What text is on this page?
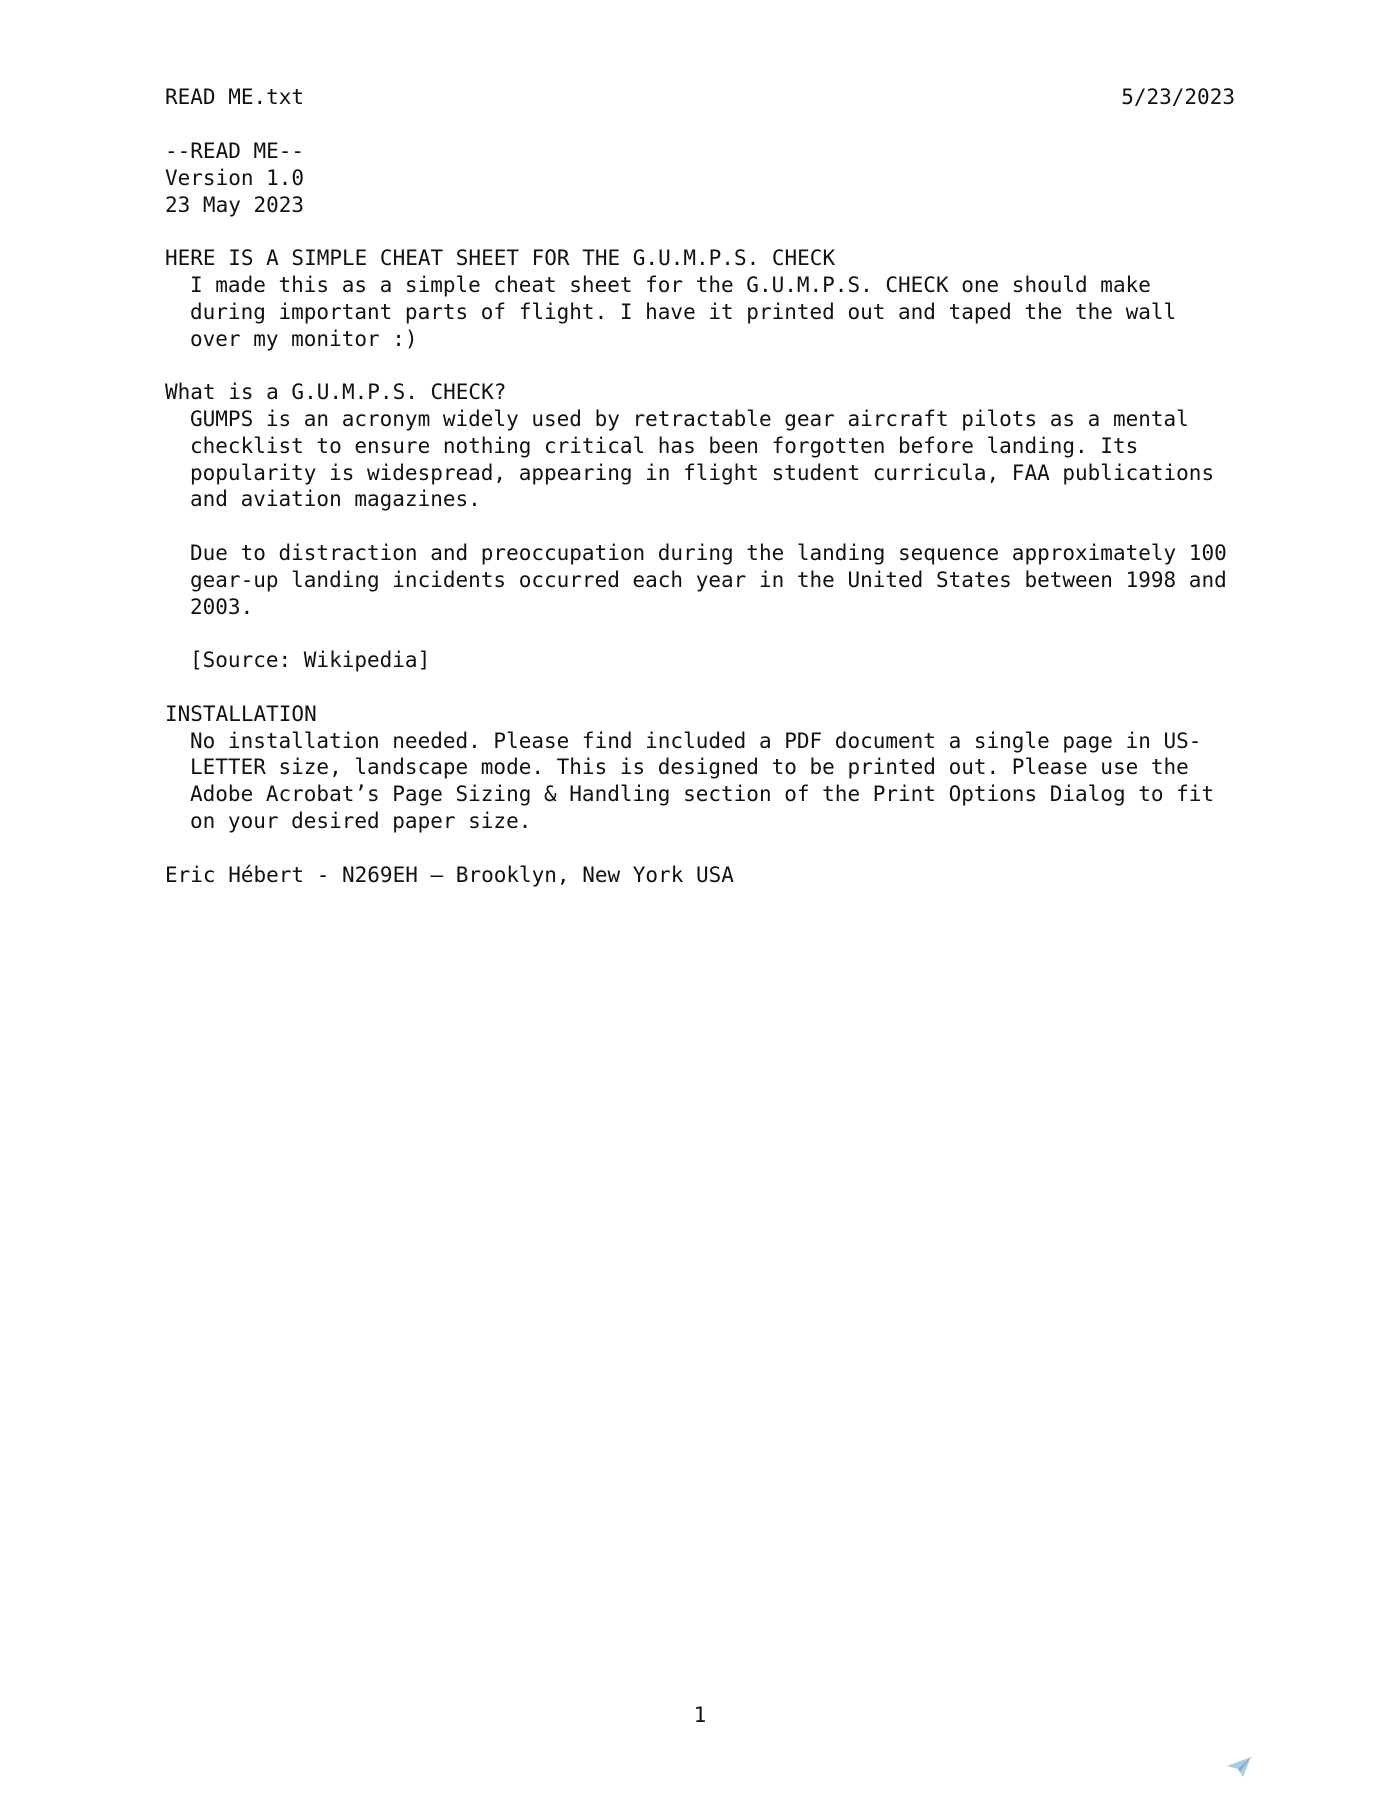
READ ME.txt	5/23/2023
--READ ME--
Version 1.0
23 May 2023
HERE IS A SIMPLE CHEAT SHEET FOR THE G.U.M.P.S. CHECK
I made this as a simple cheat sheet for the G.U.M.P.S. CHECK one should make
during important parts of flight. I have it printed out and taped the the wall
over my monitor :)
What is a G.U.M.P.S. CHECK?
GUMPS is an acronym widely used by retractable gear aircraft pilots as a mental
checklist to ensure nothing critical has been forgotten before landing. Its
popularity is widespread, appearing in flight student curricula, FAA publications
and aviation magazines.
Due to distraction and preoccupation during the landing sequence approximately 100
gear-up landing incidents occurred each year in the United States between 1998 and
2003.
[Source: Wikipedia]
INSTALLATION
No installation needed. Please find included a PDF document a single page in US-
LETTER size, landscape mode. This is designed to be printed out. Please use the
Adobe Acrobat’s Page Sizing & Handling section of the Print Options Dialog to fit
on your desired paper size.
Eric Hébert - N269EH – Brooklyn, New York USA
1
